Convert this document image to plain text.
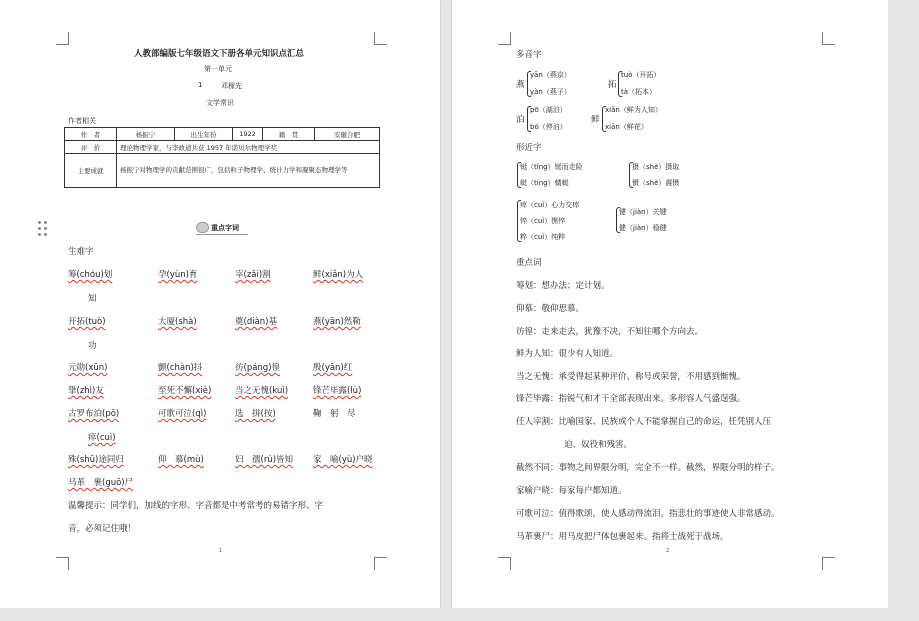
人教部编版七年级语文下册各单元知识点汇总
第一单元
1	邓稼先
文学常识
作者相关
作　者	杨振宁	出生年份	1922	籍　贯	安徽合肥
评　价	理论物理学家，与李政道共获 1957 年诺贝尔物理学奖				
主要成就	杨振宁对物理学的贡献范围很广，包括粒子物理学、统计力学和凝聚态物理学等				
重点字词
生难字
筹(chóu)划	孕(yùn)育	宰(zǎi)割	鲜(xiǎn)为人
知
开拓(tuò)	大厦(shà)	奠(diàn)基	燕(yān)然勒
功
元勋(xūn)	颤(chàn)抖	彷(páng)徨	殷(yān)红
挚(zhì)友	至死不懈(xiè)	当之无愧(kuì)	锋芒毕露(lù)
古罗布泊(pō)	可歌可泣(qì)	选　拼(按)	鞠　躬　尽
瘁(cuì)
殊(shū)途同归	仰　慕(mù)	妇　孺(rú)皆知 家　喻(yù)户晓
马革　裹(guǒ)尸
温馨提示：同学们，加线的字形、字音都是中考常考的易错字形、字
音，必须记住哦！
1
多音字
燕
yān（燕京）
yàn（燕子）
拓
tuò（开拓）
tà（拓本）
泊
pō（湖泊）
bó（停泊）
鲜
xiǎn（鲜为人知）
xiān（鲜花）
形近字
铤（tǐng）铤而走险
蜓（tíng）蜻蜓
摄（shè）摄取
慑（shè）震慑
瘁（cuì）心力交瘁
悴（cuì）憔悴
粹（cuì）纯粹
键（jiàn）关键
健（jiàn）稳健
重点词
筹划：想办法；定计划。
仰慕：敬仰思慕。
彷徨：走来走去，犹豫不决，不知往哪个方向去。
鲜为人知：很少有人知道。
当之无愧：承受得起某种评价、称号或荣誉，不用感到惭愧。
锋芒毕露：指锐气和才干全部表现出来。多形容人气盛逞强。
任人宰割：比喻国家、民族或个人不能掌握自己的命运，任凭别人压
迫、奴役和残害。
截然不同：事物之间界限分明，完全不一样。截然，界限分明的样子。
家喻户晓：每家每户都知道。
可歌可泣：值得歌颂，使人感动得流泪。指悲壮的事迹使人非常感动。
马革裹尸：用马皮把尸体包裹起来。指将士战死于战场。
2
